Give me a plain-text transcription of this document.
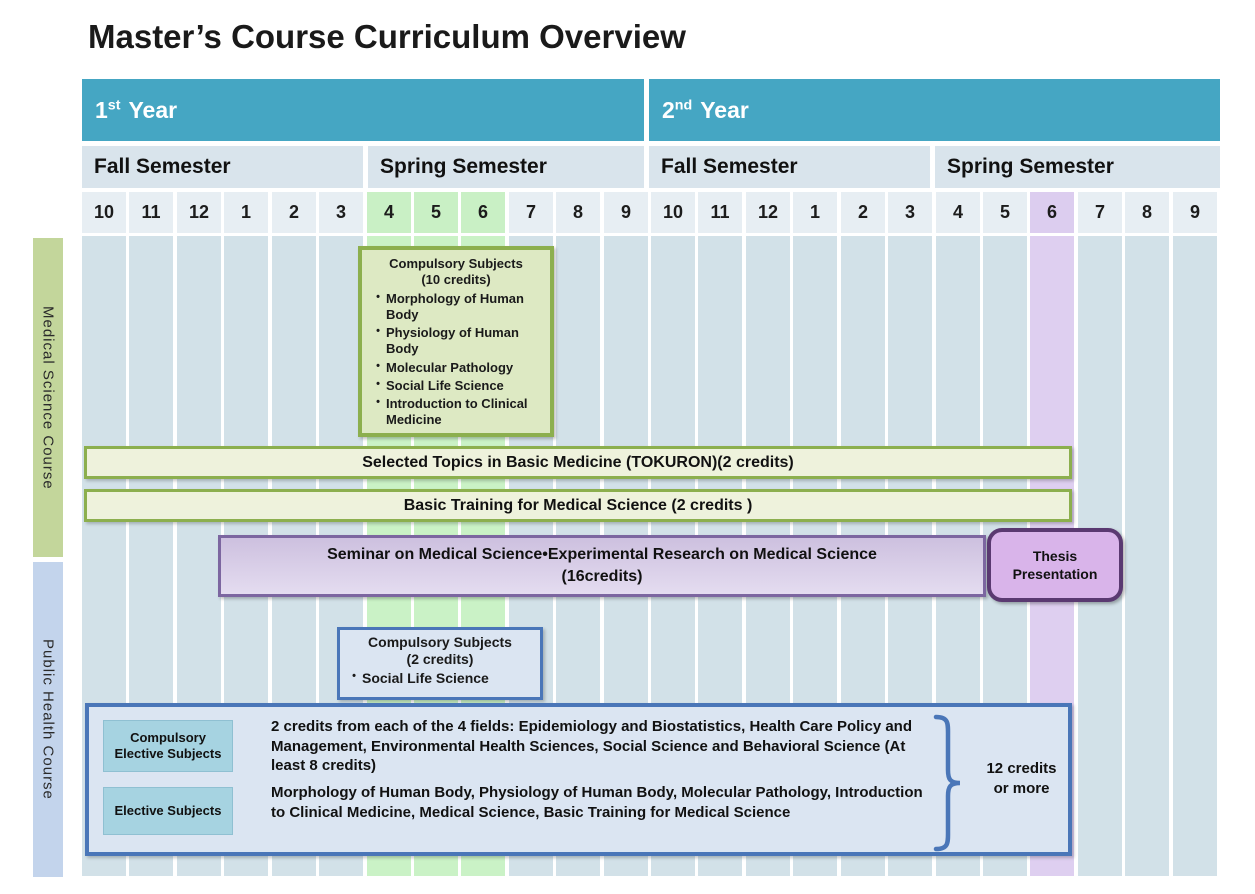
Master’s Course Curriculum Overview
Medical Science Course
Public Health Course
1st Year	2nd Year
Fall Semester	Spring Semester	Fall Semester	Spring Semester
10	11	12	1	2	3	4	5	6	7	8	9	10	11	12	1	2	3	4	5	6	7	8	9
Compulsory Subjects
(10 credits)
• Morphology of Human Body
• Physiology of Human Body
• Molecular Pathology
• Social Life Science
• Introduction to Clinical Medicine
Selected Topics in Basic Medicine (TOKURON)(2 credits)
Basic Training for Medical Science (2 credits )
Seminar on Medical Science•Experimental Research on Medical Science
(16credits)
Thesis
Presentation
Compulsory Subjects
(2 credits)
• Social Life Science
Compulsory Elective Subjects
2 credits from each of the 4 fields: Epidemiology and Biostatistics, Health Care Policy and Management, Environmental Health Sciences, Social Science and Behavioral Science (At least 8 credits)
Elective Subjects
Morphology of Human Body, Physiology of Human Body, Molecular Pathology, Introduction to Clinical Medicine, Medical Science, Basic Training for Medical Science
12 credits
or more
